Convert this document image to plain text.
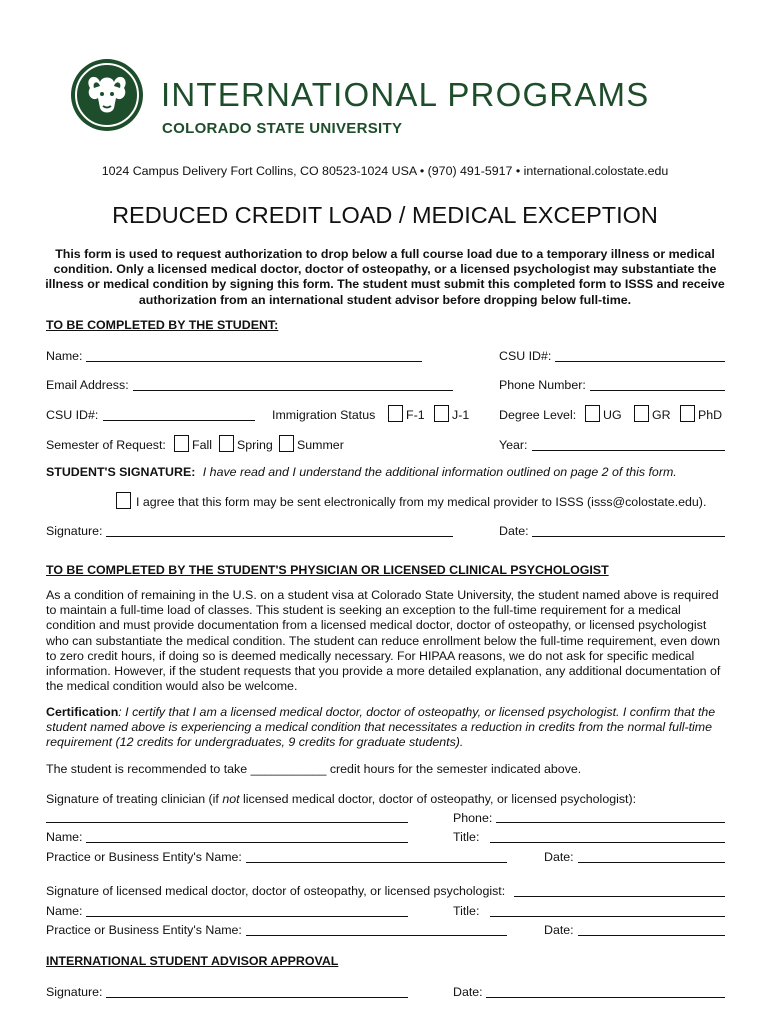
INTERNATIONAL PROGRAMS
COLORADO STATE UNIVERSITY
1024 Campus Delivery Fort Collins, CO 80523-1024 USA • (970) 491-5917 • international.colostate.edu
REDUCED CREDIT LOAD / MEDICAL EXCEPTION
This form is used to request authorization to drop below a full course load due to a temporary illness or medical condition. Only a licensed medical doctor, doctor of osteopathy, or a licensed psychologist may substantiate the illness or medical condition by signing this form. The student must submit this completed form to ISSS and receive authorization from an international student advisor before dropping below full-time.
TO BE COMPLETED BY THE STUDENT:
Name:	CSU ID#:
Email Address:	Phone Number:
CSU ID#:	Immigration Status F-1 J-1 Degree Level: UG GR PhD
Semester of Request: Fall Spring Summer	Year:
STUDENT'S SIGNATURE: I have read and I understand the additional information outlined on page 2 of this form.
I agree that this form may be sent electronically from my medical provider to ISSS (isss@colostate.edu).
Signature:	Date:
TO BE COMPLETED BY THE STUDENT'S PHYSICIAN OR LICENSED CLINICAL PSYCHOLOGIST
As a condition of remaining in the U.S. on a student visa at Colorado State University, the student named above is required to maintain a full-time load of classes. This student is seeking an exception to the full-time requirement for a medical condition and must provide documentation from a licensed medical doctor, doctor of osteopathy, or licensed psychologist who can substantiate the medical condition. The student can reduce enrollment below the full-time requirement, even down to zero credit hours, if doing so is deemed medically necessary. For HIPAA reasons, we do not ask for specific medical information. However, if the student requests that you provide a more detailed explanation, any additional documentation of the medical condition would also be welcome.
Certification: I certify that I am a licensed medical doctor, doctor of osteopathy, or licensed psychologist. I confirm that the student named above is experiencing a medical condition that necessitates a reduction in credits from the normal full-time requirement (12 credits for undergraduates, 9 credits for graduate students).
The student is recommended to take ___________ credit hours for the semester indicated above.
Signature of treating clinician (if not licensed medical doctor, doctor of osteopathy, or licensed psychologist):
Phone:
Name:	Title:
Practice or Business Entity's Name:	Date:
Signature of licensed medical doctor, doctor of osteopathy, or licensed psychologist:
Name:	Title:
Practice or Business Entity's Name:	Date:
INTERNATIONAL STUDENT ADVISOR APPROVAL
Signature:	Date:
